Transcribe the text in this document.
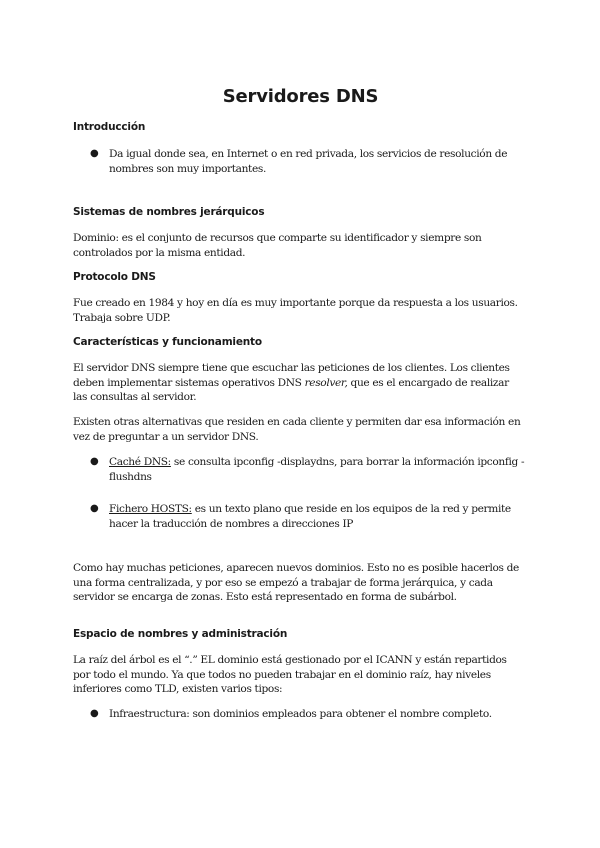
Servidores DNS
Introducción
● Da igual donde sea, en Internet o en red privada, los servicios de resolución de nombres son muy importantes.

Sistemas de nombres jerárquicos

Dominio: es el conjunto de recursos que comparte su identificador y siempre son controlados por la misma entidad.

Protocolo DNS

Fue creado en 1984 y hoy en día es muy importante porque da respuesta a los usuarios. Trabaja sobre UDP.

Características y funcionamiento

El servidor DNS siempre tiene que escuchar las peticiones de los clientes. Los clientes deben implementar sistemas operativos DNS resolver, que es el encargado de realizar las consultas al servidor.

Existen otras alternativas que residen en cada cliente y permiten dar esa información en vez de preguntar a un servidor DNS.

● Caché DNS: se consulta ipconfig -displaydns, para borrar la información ipconfig -flushdns

● Fichero HOSTS: es un texto plano que reside en los equipos de la red y permite hacer la traducción de nombres a direcciones IP

Como hay muchas peticiones, aparecen nuevos dominios. Esto no es posible hacerlos de una forma centralizada, y por eso se empezó a trabajar de forma jerárquica, y cada servidor se encarga de zonas. Esto está representado en forma de subárbol.

Espacio de nombres y administración

La raíz del árbol es el “.” EL dominio está gestionado por el ICANN y están repartidos por todo el mundo. Ya que todos no pueden trabajar en el dominio raíz, hay niveles inferiores como TLD, existen varios tipos:

● Infraestructura: son dominios empleados para obtener el nombre completo.
